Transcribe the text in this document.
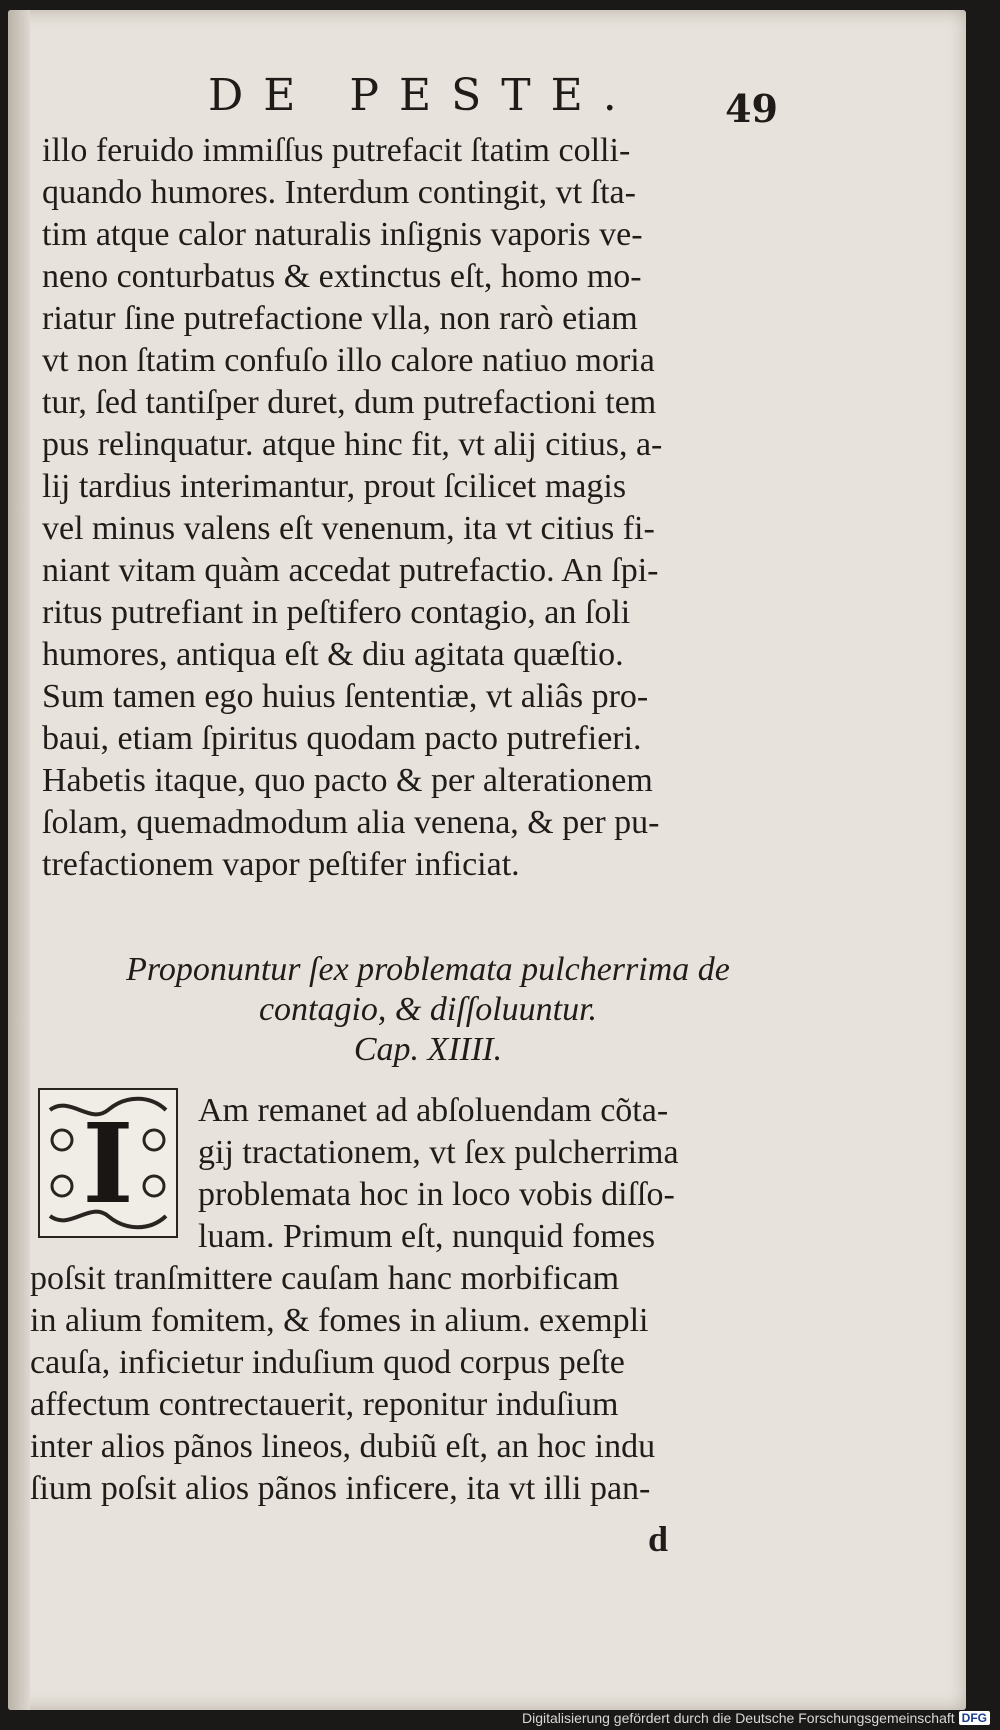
DE PESTE. 49
illo feruido immiſſus putrefacit ſtatim colli-
quando humores. Interdum contingit, vt ſta-
tim atque calor naturalis inſignis vaporis ve-
neno conturbatus & extinctus eſt, homo mo-
riatur ſine putrefactione vlla, non rarò etiam
vt non ſtatim confuſo illo calore natiuo moria
tur, ſed tantiſper duret, dum putrefactioni tem
pus relinquatur. atque hinc fit, vt alij citius, a-
lij tardius interimantur, prout ſcilicet magis
vel minus valens eſt venenum, ita vt citius fi-
niant vitam quàm accedat putrefactio. An ſpi-
ritus putrefiant in peſtifero contagio, an ſoli
humores, antiqua eſt & diu agitata quæſtio.
Sum tamen ego huius ſententiæ, vt aliâs pro-
baui, etiam ſpiritus quodam pacto putrefieri.
Habetis itaque, quo pacto & per alterationem
ſolam, quemadmodum alia venena, & per pu-
trefactionem vapor peſtifer inficiat.
Proponuntur ſex problemata pulcherrima de
contagio, & diſſoluuntur.
Cap. XIIII.
I	Am remanet ad abſoluendam cõta-
gij tractationem, vt ſex pulcherrima
problemata hoc in loco vobis diſſo-
luam. Primum eſt, nunquid fomes
poſsit tranſmittere cauſam hanc morbificam
in alium fomitem, & fomes in alium. exempli
cauſa, inficietur induſium quod corpus peſte
affectum contrectauerit, reponitur induſium
inter alios pãnos lineos, dubiũ eſt, an hoc indu
ſium poſsit alios pãnos inficere, ita vt illi pan-
d
Digitalisierung gefördert durch die Deutsche Forschungsgemeinschaft DFG
